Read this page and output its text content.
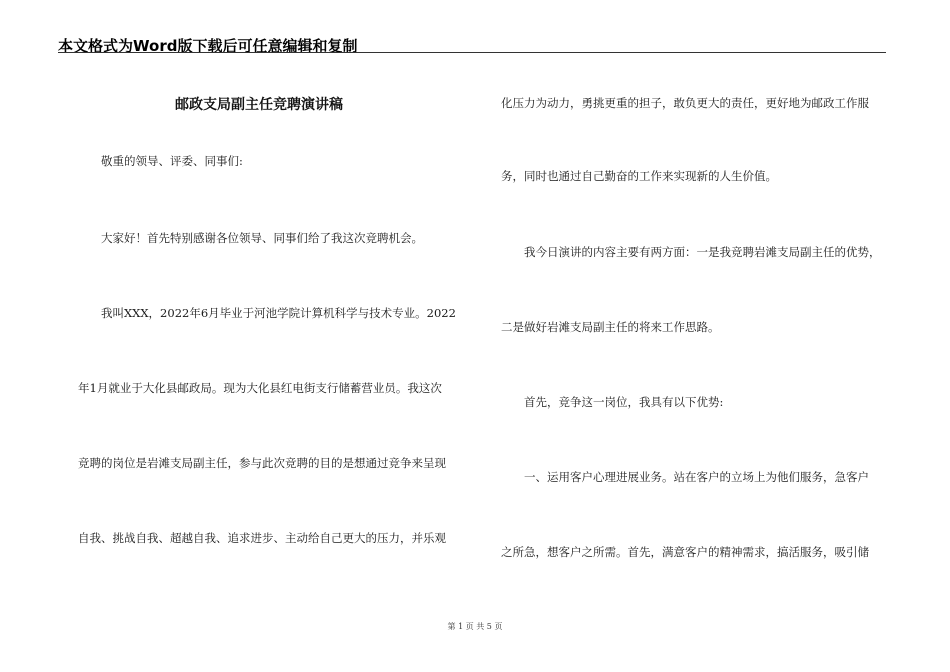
本文格式为Word版下载后可任意编辑和复制
邮政支局副主任竞聘演讲稿
敬重的领导、评委、同事们:
大家好！首先特别感谢各位领导、同事们给了我这次竞聘机会。
我叫XXX，2022年6月毕业于河池学院计算机科学与技术专业。2022
年1月就业于大化县邮政局。现为大化县红电街支行储蓄营业员。我这次
竞聘的岗位是岩滩支局副主任，参与此次竞聘的目的是想通过竞争来呈现
自我、挑战自我、超越自我、追求进步、主动给自己更大的压力，并乐观
化压力为动力，勇挑更重的担子，敢负更大的责任，更好地为邮政工作服
务，同时也通过自己勤奋的工作来实现新的人生价值。
我今日演讲的内容主要有两方面：一是我竞聘岩滩支局副主任的优势，
二是做好岩滩支局副主任的将来工作思路。
首先，竞争这一岗位，我具有以下优势:
一、运用客户心理进展业务。站在客户的立场上为他们服务，急客户
之所急，想客户之所需。首先，满意客户的精神需求，搞活服务，吸引储
第 1 页 共 5 页
